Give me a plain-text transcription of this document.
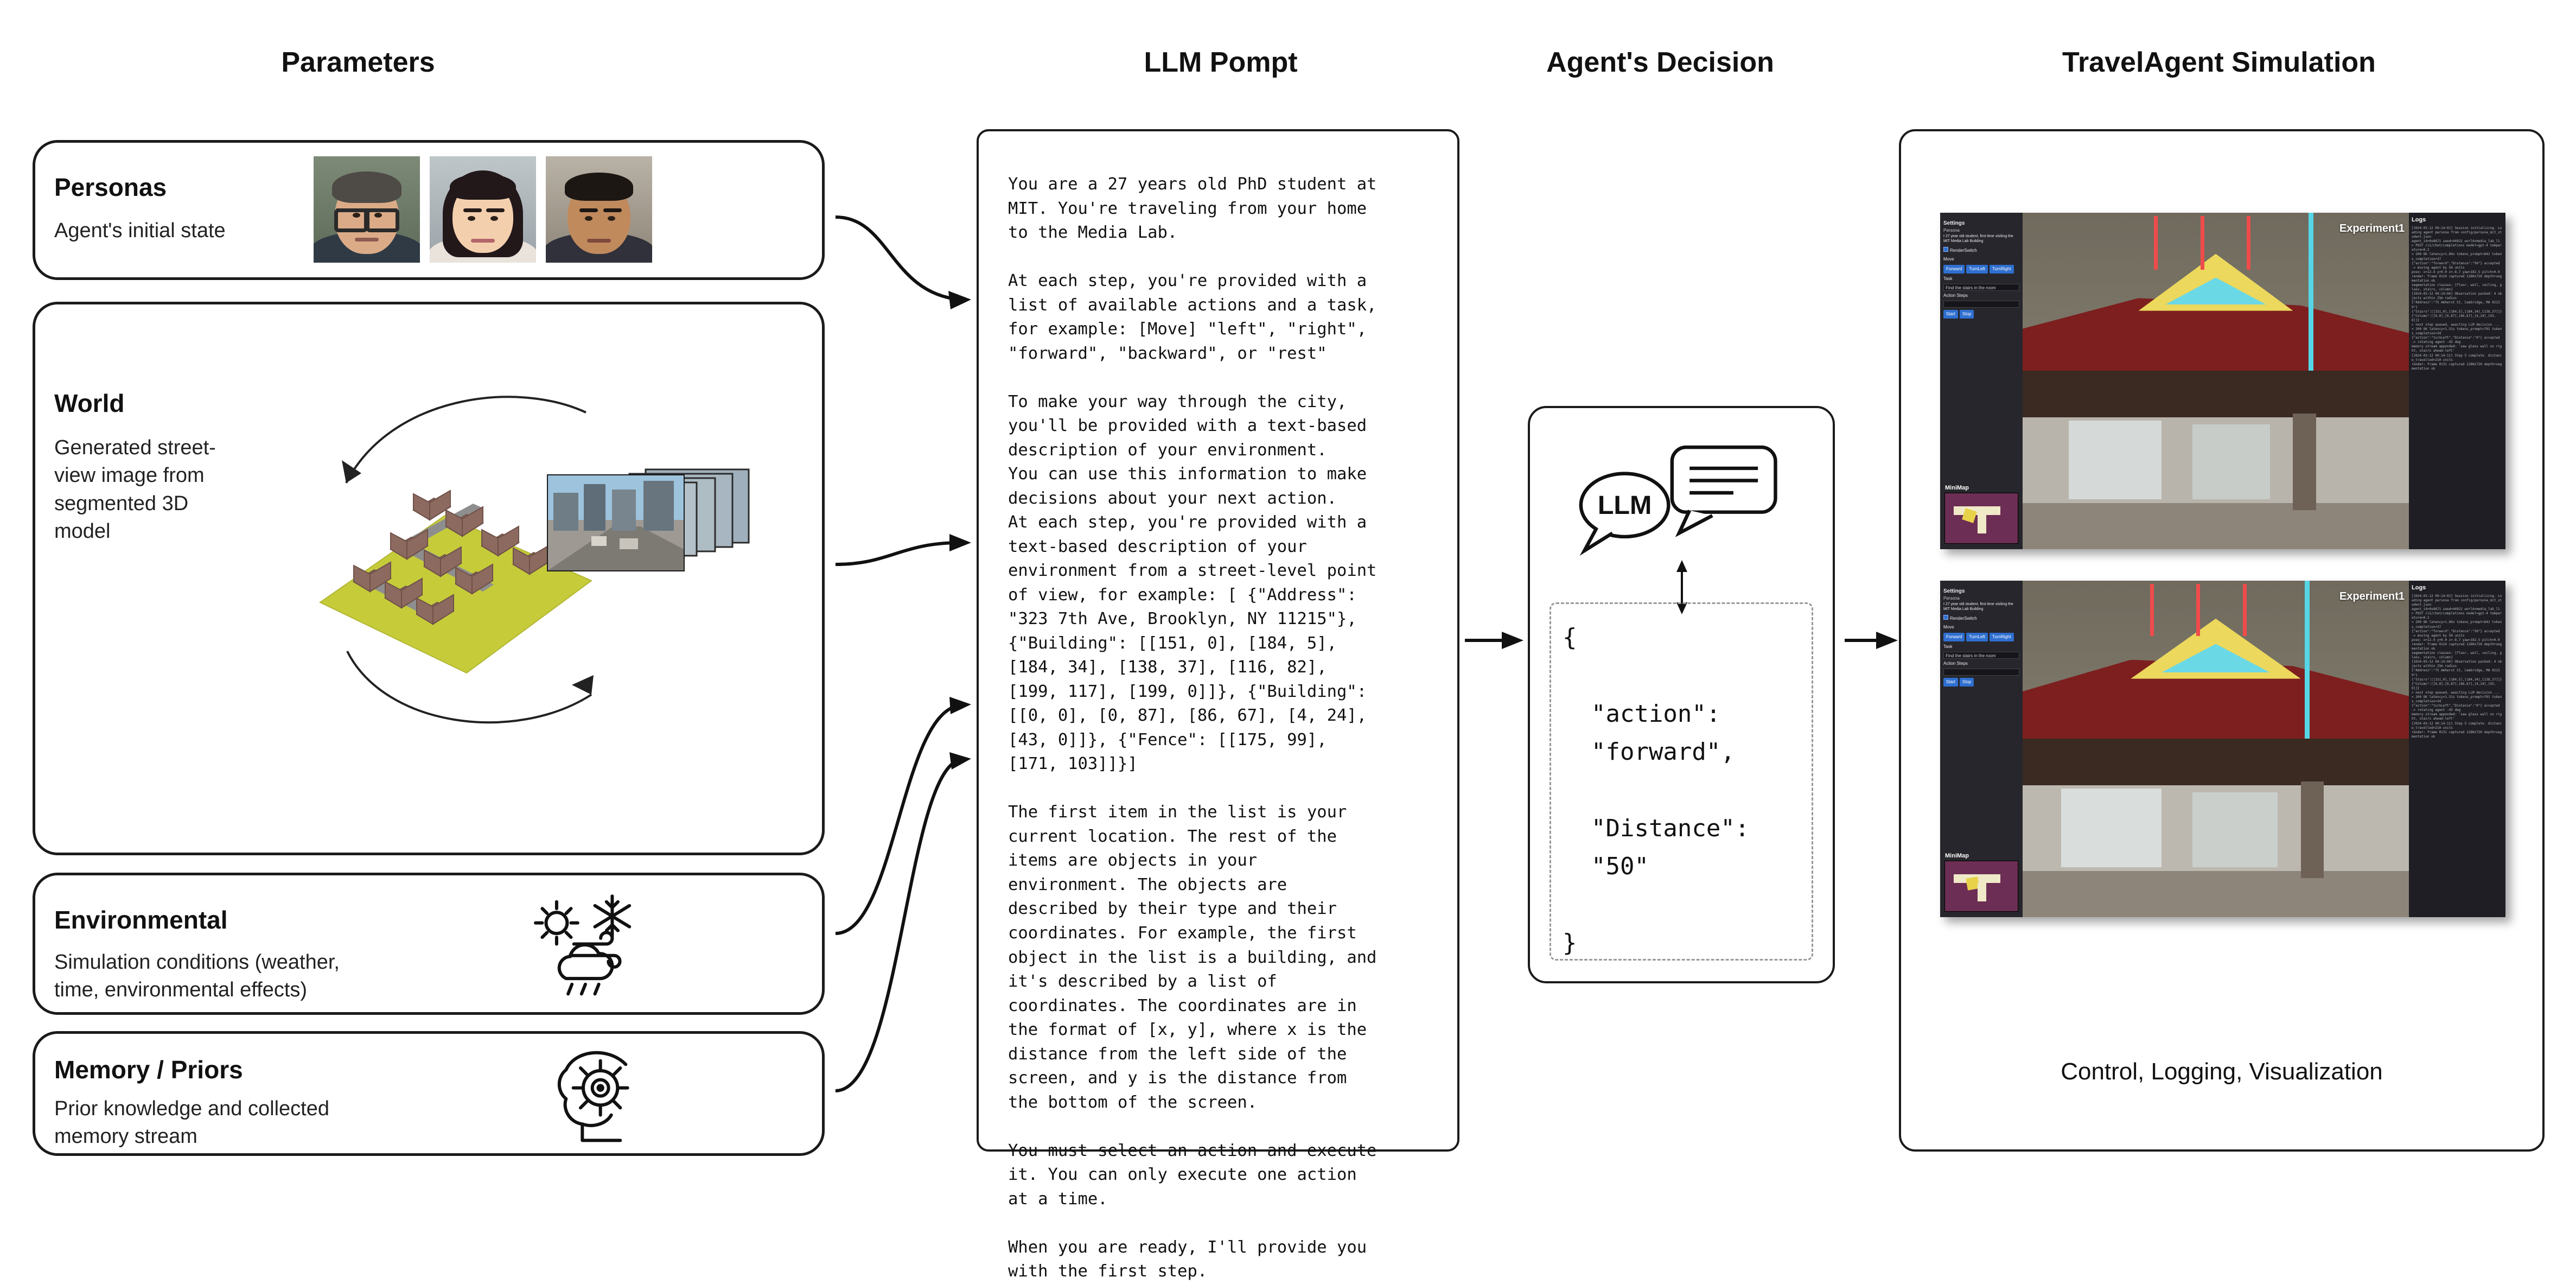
Parameters	LLM Pompt	Agent's Decision	TravelAgent Simulation
Personas
Agent's initial state
World
Generated street-
view image from
segmented 3D
model
Environmental
Simulation conditions (weather,
time, environmental effects)
Memory / Priors
Prior knowledge and collected
memory stream
You are a 27 years old PhD student at
MIT. You're traveling from your home
to the Media Lab.

At each step, you're provided with a
list of available actions and a task,
for example: [Move] "left", "right",
"forward", "backward", or "rest"

To make your way through the city,
you'll be provided with a text-based
description of your environment.
You can use this information to make
decisions about your next action.
At each step, you're provided with a
text-based description of your
environment from a street-level point
of view, for example: [ {"Address":
"323 7th Ave, Brooklyn, NY 11215"},
{"Building": [[151, 0], [184, 5],
[184, 34], [138, 37], [116, 82],
[199, 117], [199, 0]]}, {"Building":
[[0, 0], [0, 87], [86, 67], [4, 24],
[43, 0]]}, {"Fence": [[175, 99],
[171, 103]]}]

The first item in the list is your
current location. The rest of the
items are objects in your
environment. The objects are
described by their type and their
coordinates. For example, the first
object in the list is a building, and
it's described by a list of
coordinates. The coordinates are in
the format of [x, y], where x is the
distance from the left side of the
screen, and y is the distance from
the bottom of the screen.

You must select an action and execute
it. You can only execute one action
at a time.

When you are ready, I'll provide you
with the first step.
LLM
{

"action":
"forward",

"Distance":
"50"

}
Settings
Persona
I 27 year old student, first time visiting the MIT Media Lab Building
RenderSwitch
Move
Forward TurnLeft TurnRight
Task
Find the stairs in the room
Action Steps
Start Stop
MiniMap
Experiment1
Logs
[2024-03-12 09:14:02] Session initializing. Loading agent persona from config/persona_mit_student.json
agent_id=0x8A71 seed=44921 world=media_lab_l1
> POST /v1/chat/completions model=gpt-4 temperature=0.2
< 200 OK latency=1.84s tokens_prompt=642 tokens_completion=37
{"action":"forward","Distance":"50"} accepted -> moving agent by 50 units
pose: x=12.4 y=0.0 z=-8.7 yaw=182.5 pitch=0.0
render: frame 0124 captured 1280x720 depth+segmentation ok
segmentation classes: [floor, wall, ceiling, glass, stairs, column]
[2024-03-12 09:14:06] Observation packed: 4 objects within 25m radius
{"Address":"75 Amherst St, Cambridge, MA 02139"}
{"Stairs":[[151,0],[184,5],[184,34],[138,37]]}
{"Column":[[0,0],[0,87],[86,67],[4,24],[43,0]]}
> next step queued, awaiting LLM decision ...
< 200 OK latency=1.51s tokens_prompt=701 tokens_completion=34
{"action":"turnLeft","Distance":"0"} accepted -> rotating agent -45 deg
memory stream appended: 'saw glass wall on right, stairs ahead-left'
[2024-03-12 09:14:11] Step 5 complete. distance_travelled=210 units
render: frame 0131 captured 1280x720 depth+segmentation ok
Settings
Persona
I 27 year old student, first time visiting the MIT Media Lab Building
RenderSwitch
Move
Forward TurnLeft TurnRight
Task
Find the stairs in the room
Action Steps
Start Stop
MiniMap
Experiment1
Logs
[2024-03-12 09:14:02] Session initializing. Loading agent persona from config/persona_mit_student.json
agent_id=0x8A71 seed=44921 world=media_lab_l1
> POST /v1/chat/completions model=gpt-4 temperature=0.2
< 200 OK latency=1.84s tokens_prompt=642 tokens_completion=37
{"action":"forward","Distance":"50"} accepted -> moving agent by 50 units
pose: x=12.4 y=0.0 z=-8.7 yaw=182.5 pitch=0.0
render: frame 0124 captured 1280x720 depth+segmentation ok
segmentation classes: [floor, wall, ceiling, glass, stairs, column]
[2024-03-12 09:14:06] Observation packed: 4 objects within 25m radius
{"Address":"75 Amherst St, Cambridge, MA 02139"}
{"Stairs":[[151,0],[184,5],[184,34],[138,37]]}
{"Column":[[0,0],[0,87],[86,67],[4,24],[43,0]]}
> next step queued, awaiting LLM decision ...
< 200 OK latency=1.51s tokens_prompt=701 tokens_completion=34
{"action":"turnLeft","Distance":"0"} accepted -> rotating agent -45 deg
memory stream appended: 'saw glass wall on right, stairs ahead-left'
[2024-03-12 09:14:11] Step 5 complete. distance_travelled=210 units
render: frame 0131 captured 1280x720 depth+segmentation ok
Control, Logging, Visualization
